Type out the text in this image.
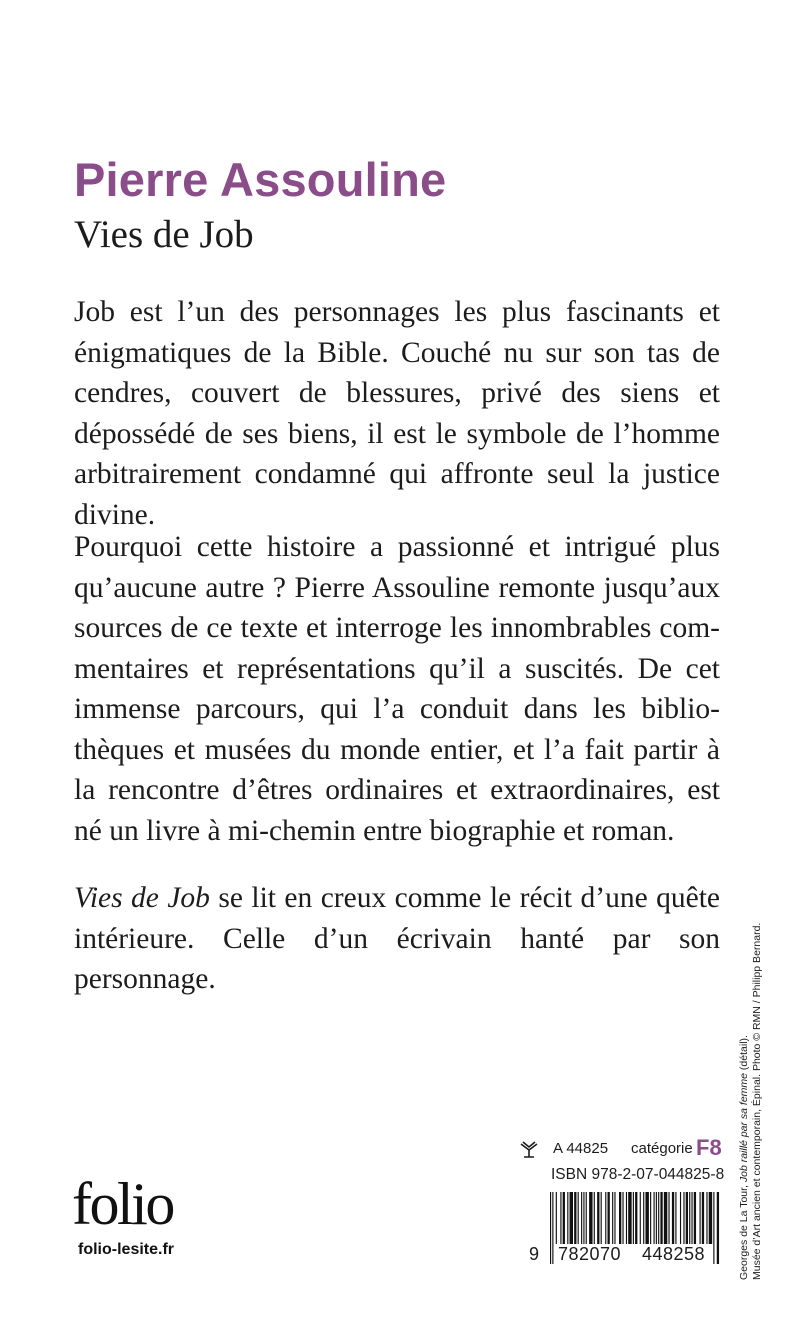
Pierre Assouline
Vies de Job
Job est l’un des personnages les plus fascinants et énigmatiques de la Bible. Couché nu sur son tas de cendres, couvert de blessures, privé des siens et dépossédé de ses biens, il est le symbole de l’homme arbitrairement condamné qui affronte seul la justice divine.
Pourquoi cette histoire a passionné et intrigué plus qu’aucune autre ? Pierre Assouline remonte jusqu’aux sources de ce texte et interroge les innombrables commentaires et représentations qu’il a suscités. De cet immense parcours, qui l’a conduit dans les bibliothèques et musées du monde entier, et l’a fait partir à la rencontre d’êtres ordinaires et extraordinaires, est né un livre à mi-chemin entre biographie et roman.
Vies de Job se lit en creux comme le récit d’une quête intérieure. Celle d’un écrivain hanté par son personnage.
Georges de La Tour, Job raillé par sa femme (détail). Musée d’Art ancien et contemporain, Épinal. Photo © RMN / Philipp Bernard.
folio
folio-lesite.fr
A 44825 catégorie F8
ISBN 978-2-07-044825-8
9 782070 448258
